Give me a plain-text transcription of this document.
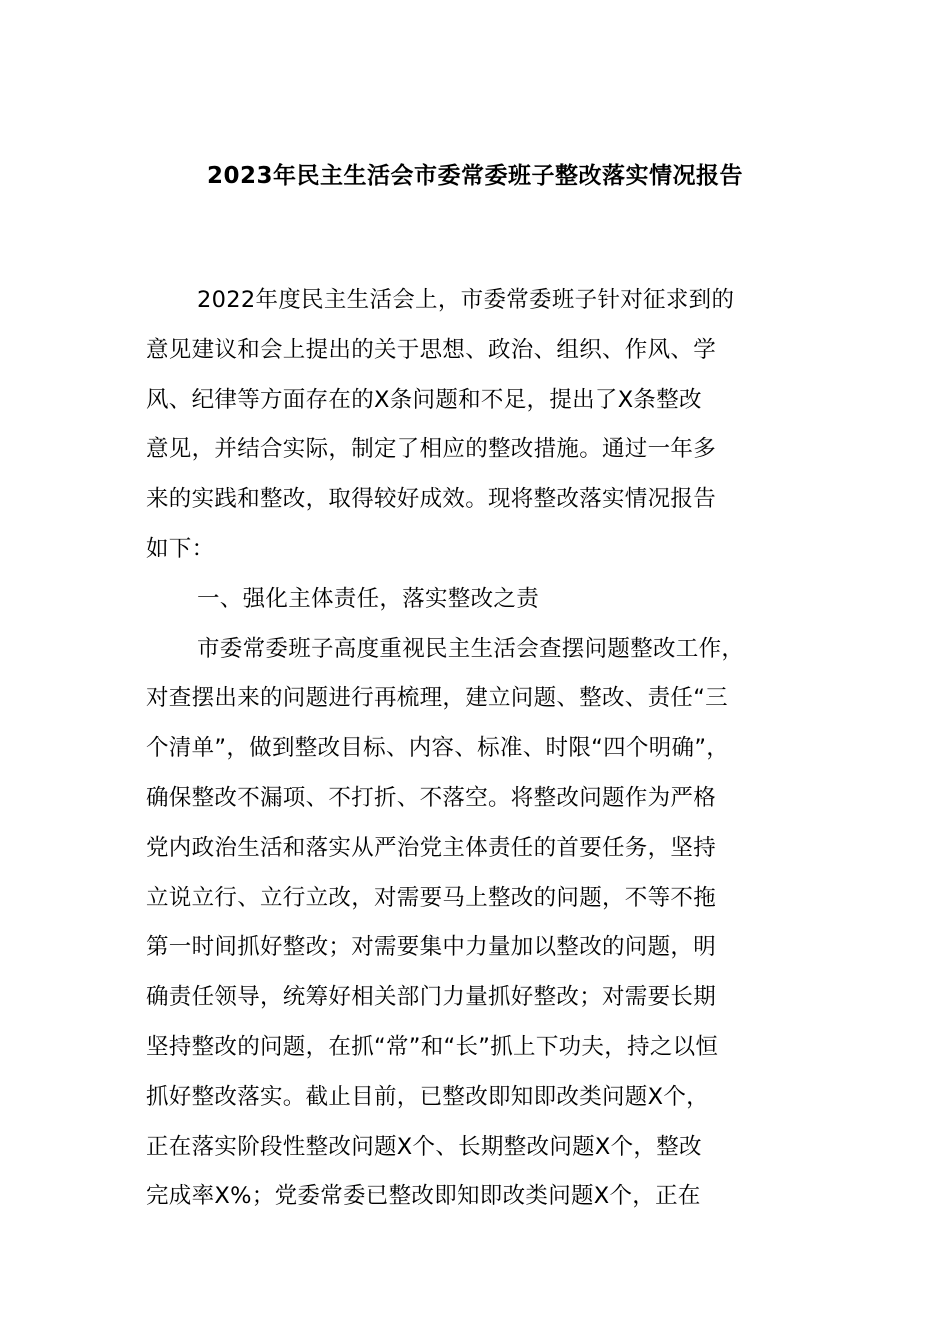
2023年民主生活会市委常委班子整改落实情况报告
2022年度民主生活会上，市委常委班子针对征求到的
意见建议和会上提出的关于思想、政治、组织、作风、学
风、纪律等方面存在的X条问题和不足，提出了X条整改
意见，并结合实际，制定了相应的整改措施。通过一年多
来的实践和整改，取得较好成效。现将整改落实情况报告
如下：
一、强化主体责任，落实整改之责
市委常委班子高度重视民主生活会查摆问题整改工作，
对查摆出来的问题进行再梳理，建立问题、整改、责任“三
个清单”，做到整改目标、内容、标准、时限“四个明确”，
确保整改不漏项、不打折、不落空。将整改问题作为严格
党内政治生活和落实从严治党主体责任的首要任务，坚持
立说立行、立行立改，对需要马上整改的问题，不等不拖
第一时间抓好整改；对需要集中力量加以整改的问题，明
确责任领导，统筹好相关部门力量抓好整改；对需要长期
坚持整改的问题，在抓“常”和“长”抓上下功夫，持之以恒
抓好整改落实。截止目前，已整改即知即改类问题X个，
正在落实阶段性整改问题X个、长期整改问题X个，整改
完成率X%；党委常委已整改即知即改类问题X个，正在
